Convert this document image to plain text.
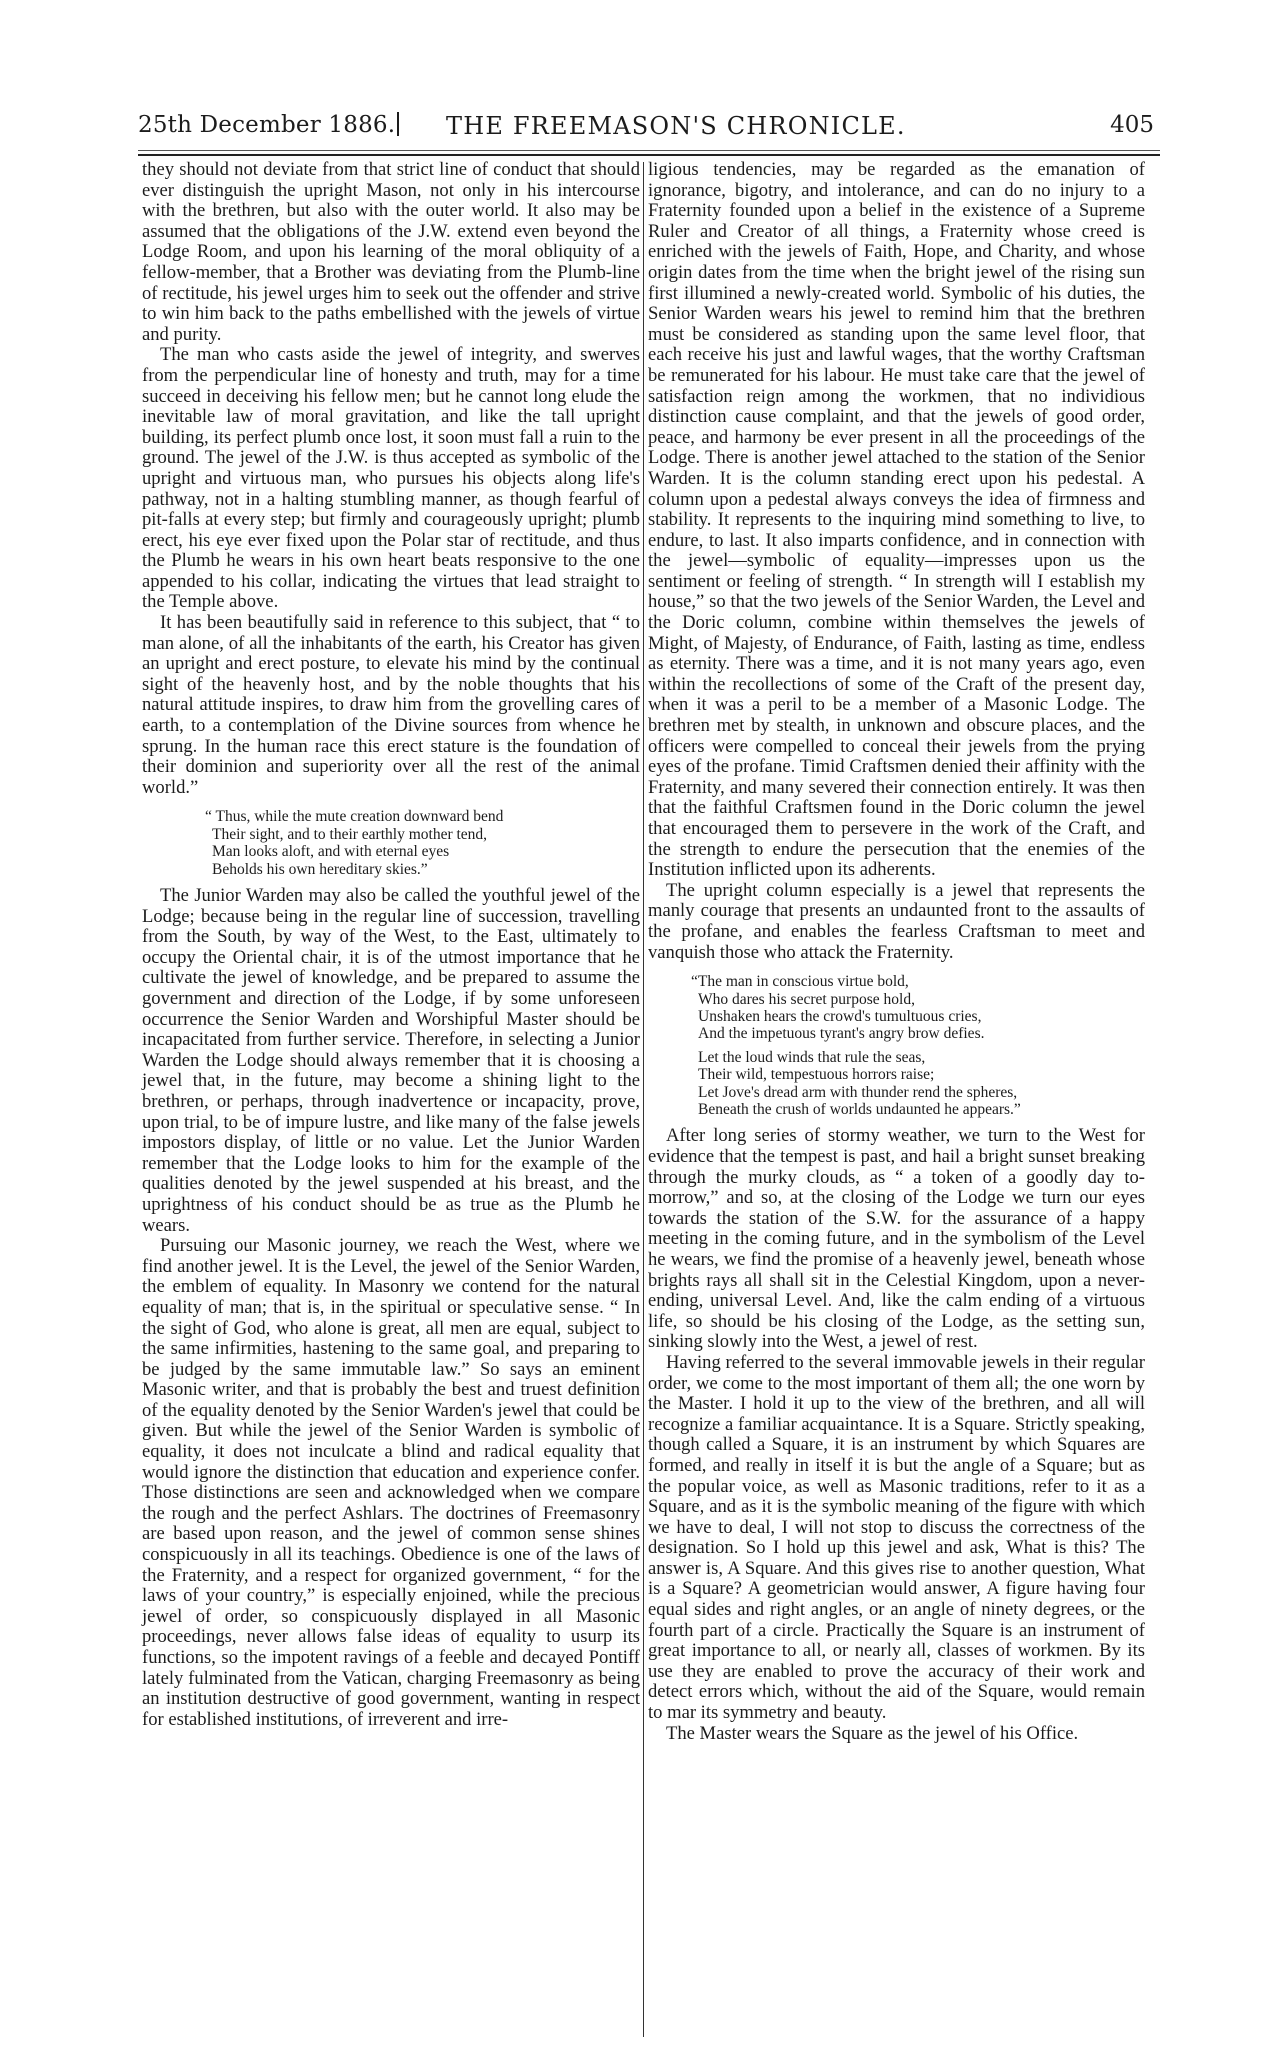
25th December 1886. THE FREEMASON'S CHRONICLE.	405

they should not deviate from that strict line of conduct that should ever distinguish the upright Mason, not only in his intercourse with the brethren, but also with the outer world. It also may be assumed that the obligations of the J.W. extend even beyond the Lodge Room, and upon his learning of the moral obliquity of a fellow-member, that a Brother was deviating from the Plumb-line of rectitude, his jewel urges him to seek out the offender and strive to win him back to the paths embellished with the jewels of virtue and purity.

The man who casts aside the jewel of integrity, and swerves from the perpendicular line of honesty and truth, may for a time succeed in deceiving his fellow men; but he cannot long elude the inevitable law of moral gravitation, and like the tall upright building, its perfect plumb once lost, it soon must fall a ruin to the ground. The jewel of the J.W. is thus accepted as symbolic of the upright and virtuous man, who pursues his objects along life's pathway, not in a halting stumbling manner, as though fearful of pit-falls at every step; but firmly and courageously upright; plumb erect, his eye ever fixed upon the Polar star of rectitude, and thus the Plumb he wears in his own heart beats responsive to the one appended to his collar, indicating the virtues that lead straight to the Temple above.

It has been beautifully said in reference to this subject, that “ to man alone, of all the inhabitants of the earth, his Creator has given an upright and erect posture, to elevate his mind by the continual sight of the heavenly host, and by the noble thoughts that his natural attitude inspires, to draw him from the grovelling cares of earth, to a contemplation of the Divine sources from whence he sprung. In the human race this erect stature is the foundation of their dominion and superiority over all the rest of the animal world.”

“ Thus, while the mute creation downward bend
Their sight, and to their earthly mother tend,
Man looks aloft, and with eternal eyes
Beholds his own hereditary skies.”

The Junior Warden may also be called the youthful jewel of the Lodge; because being in the regular line of succession, travelling from the South, by way of the West, to the East, ultimately to occupy the Oriental chair, it is of the utmost importance that he cultivate the jewel of knowledge, and be prepared to assume the government and direction of the Lodge, if by some unforeseen occurrence the Senior Warden and Worshipful Master should be incapacitated from further service. Therefore, in selecting a Junior Warden the Lodge should always remember that it is choosing a jewel that, in the future, may become a shining light to the brethren, or perhaps, through inadvertence or incapacity, prove, upon trial, to be of impure lustre, and like many of the false jewels impostors display, of little or no value. Let the Junior Warden remember that the Lodge looks to him for the example of the qualities denoted by the jewel suspended at his breast, and the uprightness of his conduct should be as true as the Plumb he wears.

Pursuing our Masonic journey, we reach the West, where we find another jewel. It is the Level, the jewel of the Senior Warden, the emblem of equality. In Masonry we contend for the natural equality of man; that is, in the spiritual or speculative sense. “ In the sight of God, who alone is great, all men are equal, subject to the same infirmities, hastening to the same goal, and preparing to be judged by the same immutable law.” So says an eminent Masonic writer, and that is probably the best and truest definition of the equality denoted by the Senior Warden's jewel that could be given. But while the jewel of the Senior Warden is symbolic of equality, it does not inculcate a blind and radical equality that would ignore the distinction that education and experience confer. Those distinctions are seen and acknowledged when we compare the rough and the perfect Ashlars. The doctrines of Freemasonry are based upon reason, and the jewel of common sense shines conspicuously in all its teachings. Obedience is one of the laws of the Fraternity, and a respect for organized government, “ for the laws of your country,” is especially enjoined, while the precious jewel of order, so conspicuously displayed in all Masonic proceedings, never allows false ideas of equality to usurp its functions, so the impotent ravings of a feeble and decayed Pontiff lately fulminated from the Vatican, charging Freemasonry as being an institution destructive of good government, wanting in respect for established institutions, of irreverent and irre-

ligious tendencies, may be regarded as the emanation of ignorance, bigotry, and intolerance, and can do no injury to a Fraternity founded upon a belief in the existence of a Supreme Ruler and Creator of all things, a Fraternity whose creed is enriched with the jewels of Faith, Hope, and Charity, and whose origin dates from the time when the bright jewel of the rising sun first illumined a newly-created world. Symbolic of his duties, the Senior Warden wears his jewel to remind him that the brethren must be considered as standing upon the same level floor, that each receive his just and lawful wages, that the worthy Craftsman be remunerated for his labour. He must take care that the jewel of satisfaction reign among the workmen, that no individious distinction cause complaint, and that the jewels of good order, peace, and harmony be ever present in all the proceedings of the Lodge. There is another jewel attached to the station of the Senior Warden. It is the column standing erect upon his pedestal. A column upon a pedestal always conveys the idea of firmness and stability. It represents to the inquiring mind something to live, to endure, to last. It also imparts confidence, and in connection with the jewel—symbolic of equality—impresses upon us the sentiment or feeling of strength. “ In strength will I establish my house,” so that the two jewels of the Senior Warden, the Level and the Doric column, combine within themselves the jewels of Might, of Majesty, of Endurance, of Faith, lasting as time, endless as eternity. There was a time, and it is not many years ago, even within the recollections of some of the Craft of the present day, when it was a peril to be a member of a Masonic Lodge. The brethren met by stealth, in unknown and obscure places, and the officers were compelled to conceal their jewels from the prying eyes of the profane. Timid Craftsmen denied their affinity with the Fraternity, and many severed their connection entirely. It was then that the faithful Craftsmen found in the Doric column the jewel that encouraged them to persevere in the work of the Craft, and the strength to endure the persecution that the enemies of the Institution inflicted upon its adherents.

The upright column especially is a jewel that represents the manly courage that presents an undaunted front to the assaults of the profane, and enables the fearless Craftsman to meet and vanquish those who attack the Fraternity.

“The man in conscious virtue bold,
Who dares his secret purpose hold,
Unshaken hears the crowd's tumultuous cries,
And the impetuous tyrant's angry brow defies.
Let the loud winds that rule the seas,
Their wild, tempestuous horrors raise;
Let Jove's dread arm with thunder rend the spheres,
Beneath the crush of worlds undaunted he appears.”

After long series of stormy weather, we turn to the West for evidence that the tempest is past, and hail a bright sunset breaking through the murky clouds, as “ a token of a goodly day to-morrow,” and so, at the closing of the Lodge we turn our eyes towards the station of the S.W. for the assurance of a happy meeting in the coming future, and in the symbolism of the Level he wears, we find the promise of a heavenly jewel, beneath whose brights rays all shall sit in the Celestial Kingdom, upon a never-ending, universal Level. And, like the calm ending of a virtuous life, so should be his closing of the Lodge, as the setting sun, sinking slowly into the West, a jewel of rest.

Having referred to the several immovable jewels in their regular order, we come to the most important of them all; the one worn by the Master. I hold it up to the view of the brethren, and all will recognize a familiar acquaintance. It is a Square. Strictly speaking, though called a Square, it is an instrument by which Squares are formed, and really in itself it is but the angle of a Square; but as the popular voice, as well as Masonic traditions, refer to it as a Square, and as it is the symbolic meaning of the figure with which we have to deal, I will not stop to discuss the correctness of the designation. So I hold up this jewel and ask, What is this? The answer is, A Square. And this gives rise to another question, What is a Square? A geometrician would answer, A figure having four equal sides and right angles, or an angle of ninety degrees, or the fourth part of a circle. Practically the Square is an instrument of great importance to all, or nearly all, classes of workmen. By its use they are enabled to prove the accuracy of their work and detect errors which, without the aid of the Square, would remain to mar its symmetry and beauty.

The Master wears the Square as the jewel of his Office.
